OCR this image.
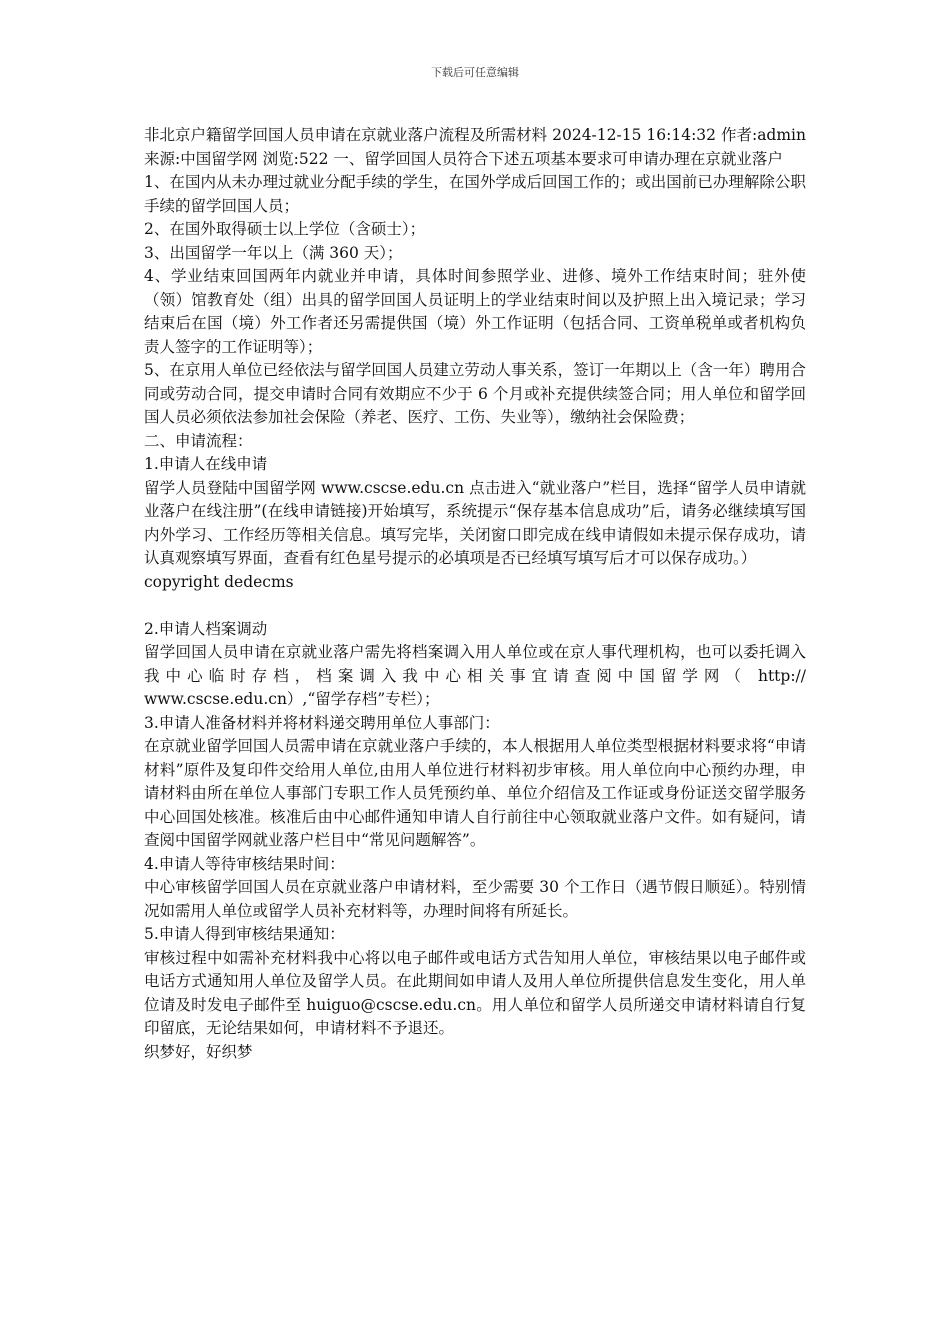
下载后可任意编辑

非北京户籍留学回国人员申请在京就业落户流程及所需材料 2024-12-15 16:14:32 作者:admin 来源:中国留学网 浏览:522 一、留学回国人员符合下述五项基本要求可申请办理在京就业落户

1、在国内从未办理过就业分配手续的学生，在国外学成后回国工作的；或出国前已办理解除公职手续的留学回国人员；

2、在国外取得硕士以上学位（含硕士）；

3、出国留学一年以上（满 360 天）；

4、学业结束回国两年内就业并申请，具体时间参照学业、进修、境外工作结束时间；驻外使（领）馆教育处（组）出具的留学回国人员证明上的学业结束时间以及护照上出入境记录；学习结束后在国（境）外工作者还另需提供国（境）外工作证明（包括合同、工资单税单或者机构负责人签字的工作证明等）；

5、在京用人单位已经依法与留学回国人员建立劳动人事关系，签订一年期以上（含一年）聘用合同或劳动合同，提交申请时合同有效期应不少于 6 个月或补充提供续签合同；用人单位和留学回国人员必须依法参加社会保险（养老、医疗、工伤、失业等），缴纳社会保险费；

二、申请流程：

1.申请人在线申请

留学人员登陆中国留学网 www.cscse.edu.cn 点击进入“就业落户”栏目，选择“留学人员申请就业落户在线注册”(在线申请链接)开始填写，系统提示“保存基本信息成功”后，请务必继续填写国内外学习、工作经历等相关信息。填写完毕，关闭窗口即完成在线申请假如未提示保存成功，请认真观察填写界面，查看有红色星号提示的必填项是否已经填写填写后才可以保存成功。）

copyright dedecms

2.申请人档案调动

留学回国人员申请在京就业落户需先将档案调入用人单位或在京人事代理机构，也可以委托调入我中心临时存档，档案调入我中心相关事宜请查阅中国留学网（ http:// www.cscse.edu.cn）,“留学存档”专栏）；

3.申请人准备材料并将材料递交聘用单位人事部门：

在京就业留学回国人员需申请在京就业落户手续的，本人根据用人单位类型根据材料要求将“申请材料”原件及复印件交给用人单位,由用人单位进行材料初步审核。用人单位向中心预约办理，申请材料由所在单位人事部门专职工作人员凭预约单、单位介绍信及工作证或身份证送交留学服务中心回国处核准。核准后由中心邮件通知申请人自行前往中心领取就业落户文件。如有疑问，请查阅中国留学网就业落户栏目中“常见问题解答”。

4.申请人等待审核结果时间：

中心审核留学回国人员在京就业落户申请材料，至少需要 30 个工作日（遇节假日顺延）。特别情况如需用人单位或留学人员补充材料等，办理时间将有所延长。

5.申请人得到审核结果通知：

审核过程中如需补充材料我中心将以电子邮件或电话方式告知用人单位，审核结果以电子邮件或电话方式通知用人单位及留学人员。在此期间如申请人及用人单位所提供信息发生变化，用人单位请及时发电子邮件至 huiguo@cscse.edu.cn。用人单位和留学人员所递交申请材料请自行复印留底，无论结果如何，申请材料不予退还。

织梦好，好织梦
